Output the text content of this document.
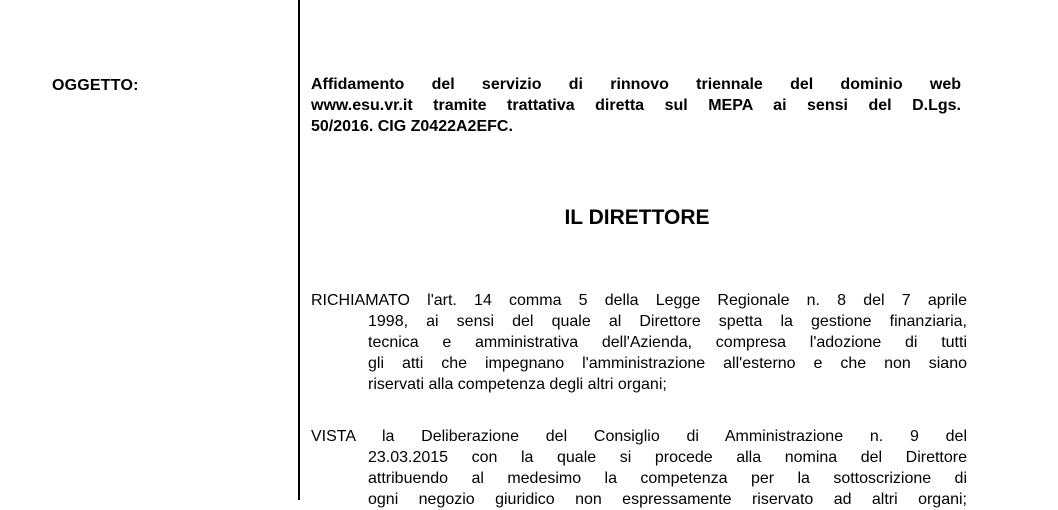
OGGETTO:	Affidamento del servizio di rinnovo triennale del dominio web
www.esu.vr.it tramite trattativa diretta sul MEPA ai sensi del D.Lgs.
50/2016. CIG Z0422A2EFC.

IL DIRETTORE

RICHIAMATO l'art. 14 comma 5 della Legge Regionale n. 8 del 7 aprile
1998, ai sensi del quale al Direttore spetta la gestione finanziaria,
tecnica e amministrativa dell'Azienda, compresa l'adozione di tutti
gli atti che impegnano l'amministrazione all'esterno e che non siano
riservati alla competenza degli altri organi;

VISTA la Deliberazione del Consiglio di Amministrazione n. 9 del
23.03.2015 con la quale si procede alla nomina del Direttore
attribuendo al medesimo la competenza per la sottoscrizione di
ogni negozio giuridico non espressamente riservato ad altri organi;
